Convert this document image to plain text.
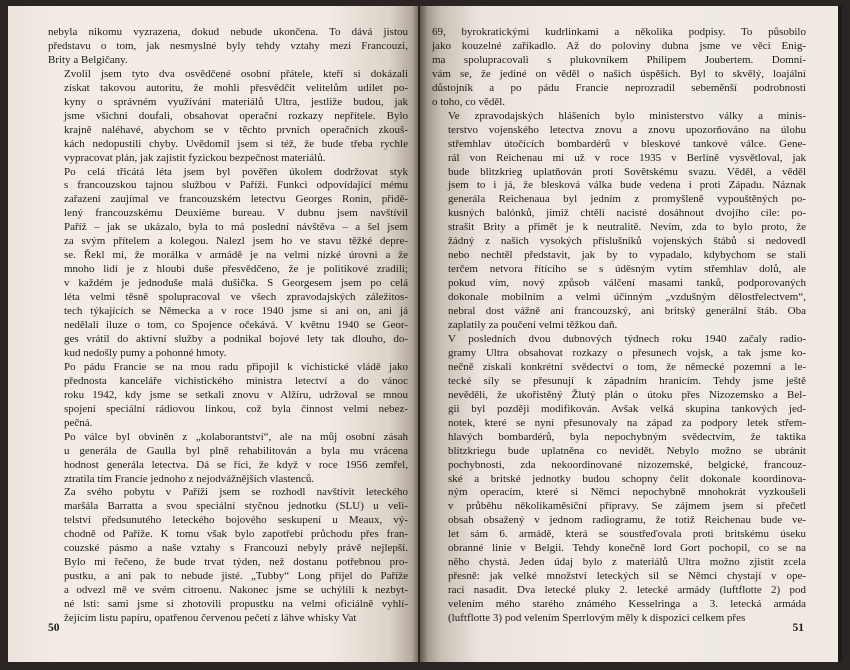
nebyla nikomu vyzrazena, dokud nebude ukončena. To dává jistou
představu o tom, jak nesmyslné byly tehdy vztahy mezi Francouzi,
Brity a Belgičany.

Zvolil jsem tyto dva osvědčené osobní přátele, kteří si dokázali
získat takovou autoritu, že mohli přesvědčit velitelům udílet po-
kyny o správném využívání materiálů Ultra, jestliže budou, jak
jsme všichni doufali, obsahovat operační rozkazy nepřítele. Bylo
krajně naléhavé, abychom se v těchto prvních operačních zkouš-
kách nedopustili chyby. Uvědomil jsem si též, že bude třeba rychle
vypracovat plán, jak zajistit fyzickou bezpečnost materiálů.

Po celá třicátá léta jsem byl pověřen úkolem dodržovat styk
s francouzskou tajnou službou v Paříži. Funkci odpovídající mému
zařazení zaujímal ve francouzském letectvu Georges Ronin, přidě-
lený francouzskému Deuxième bureau. V dubnu jsem navštívil
Paříž – jak se ukázalo, byla to má poslední návštěva – a šel jsem
za svým přítelem a kolegou. Nalezl jsem ho ve stavu těžké depre-
se. Řekl mi, že morálka v armádě je na velmi nízké úrovni a že
mnoho lidí je z hloubi duše přesvědčeno, že je politikové zradili;
v každém je jednoduše malá dušička. S Georgesem jsem po celá
léta velmi těsně spolupracoval ve všech zpravodajských záležitos-
tech týkajících se Německa a v roce 1940 jsme si ani on, ani já
nedělali iluze o tom, co Spojence očekává. V květnu 1940 se Geor-
ges vrátil do aktivní služby a podnikal bojové lety tak dlouho, do-
kud nedošly pumy a pohonné hmoty.

Po pádu Francie se na mou radu připojil k vichistické vládě jako
přednosta kanceláře vichistického ministra letectví a do vánoc
roku 1942, kdy jsme se setkali znovu v Alžíru, udržoval se mnou
spojení speciální rádiovou linkou, což byla činnost velmi nebez-
pečná.

Po válce byl obviněn z „kolaborantství“, ale na můj osobní zásah
u generála de Gaulla byl plně rehabilitován a byla mu vrácena
hodnost generála letectva. Dá se říci, že když v roce 1956 zemřel,
ztratila tím Francie jednoho z nejodvážnějších vlastenců.

Za svého pobytu v Paříži jsem se rozhodl navštívit leteckého
maršála Barratta a svou speciální styčnou jednotku (SLU) u veli-
telství předsunutého leteckého bojového seskupení u Meaux, vý-
chodně od Paříže. K tomu však bylo zapotřebí průchodu přes fran-
couzské pásmo a naše vztahy s Francouzi nebyly právě nejlepší.
Bylo mi řečeno, že bude trvat týden, než dostanu potřebnou pro-
pustku, a ani pak to nebude jisté. „Tubby“ Long přijel do Paříže
a odvezl mě ve svém citroenu. Nakonec jsme se uchýlili k nezbyt-
né lsti: sami jsme si zhotovili propustku na velmi oficiálně vyhlí-
žejícím listu papíru, opatřenou červenou pečetí z láhve whisky Vat

50

69, byrokratickými kudrlinkami a několika podpisy. To působilo
jako kouzelné zaříkadlo. Až do poloviny dubna jsme ve věci Enig-
ma spolupracovali s plukovníkem Philipem Joubertem. Domní-
vám se, že jediné on věděl o našich úspěších. Byl to skvělý, loajální
důstojník a po pádu Francie neprozradil sebeměnší podrobnosti
o toho, co věděl.

Ve zpravodajských hlášeních bylo ministerstvo války a minis-
terstvo vojenského letectva znovu a znovu upozorňováno na úlohu
střemhlav útočících bombardérů v bleskové tankové válce. Gene-
rál von Reichenau mi už v roce 1935 v Berlíně vysvětloval, jak
bude blitzkrieg uplatňován proti Sovětskému svazu. Věděl, a věděl
jsem to i já, že blesková válka bude vedena i proti Západu. Náznak
generála Reichenaua byl jedním z promyšleně vypouštěných po-
kusných balónků, jimiž chtěli nacisté dosáhnout dvojího cíle: po-
strašit Brity a přimět je k neutralitě. Nevím, zda to bylo proto, že
žádný z našich vysokých příslušníků vojenských štábů si nedovedl
nebo nechtěl představit, jak by to vypadalo, kdybychom se stali
terčem netvora řítícího se s úděsným vytím střemhlav dolů, ale
pokud vím, nový způsob válčení masami tanků, podporovaných
dokonale mobilním a velmi účinným „vzdušným dělostřelectvem“,
nebral dost vážně ani francouzský, ani britský generální štáb. Oba
zaplatily za poučení velmi těžkou daň.

V posledních dvou dubnových týdnech roku 1940 začaly radio-
gramy Ultra obsahovat rozkazy o přesunech vojsk, a tak jsme ko-
nečně získali konkrétní svědectví o tom, že německé pozemní a le-
tecké síly se přesunují k západním hranicím. Tehdy jsme ještě
nevěděli, že ukořistěný Žlutý plán o útoku přes Nizozemsko a Bel-
gii byl později modifikován. Avšak velká skupina tankových jed-
notek, které se nyní přesunovaly na západ za podpory letek střem-
hlavých bombardérů, byla nepochybným svědectvím, že taktika
blitzkriegu bude uplatněna co nevidět. Nebylo možno se ubránit
pochybnosti, zda nekoordinované nizozemské, belgické, francouz-
ské a britské jednotky budou schopny čelit dokonale koordinova-
ným operacím, které si Němci nepochybně mnohokrát vyzkoušeli
v průběhu několikaměsíční přípravy. Se zájmem jsem si přečetl
obsah obsažený v jednom radiogramu, že totiž Reichenau bude ve-
let sám 6. armádě, která se soustřeďovala proti britskému úseku
obranné linie v Belgii. Tehdy konečně lord Gort pochopil, co se na
něho chystá. Jeden údaj bylo z materiálů Ultra možno zjistit zcela
přesně: jak velké množství leteckých sil se Němci chystají v ope-
raci nasadit. Dva letecké pluky 2. letecké armády (luftflotte 2) pod
velením mého starého známého Kesselringa a 3. letecká armáda
(luftflotte 3) pod velením Sperrlovým měly k dispozici celkem přes

51
